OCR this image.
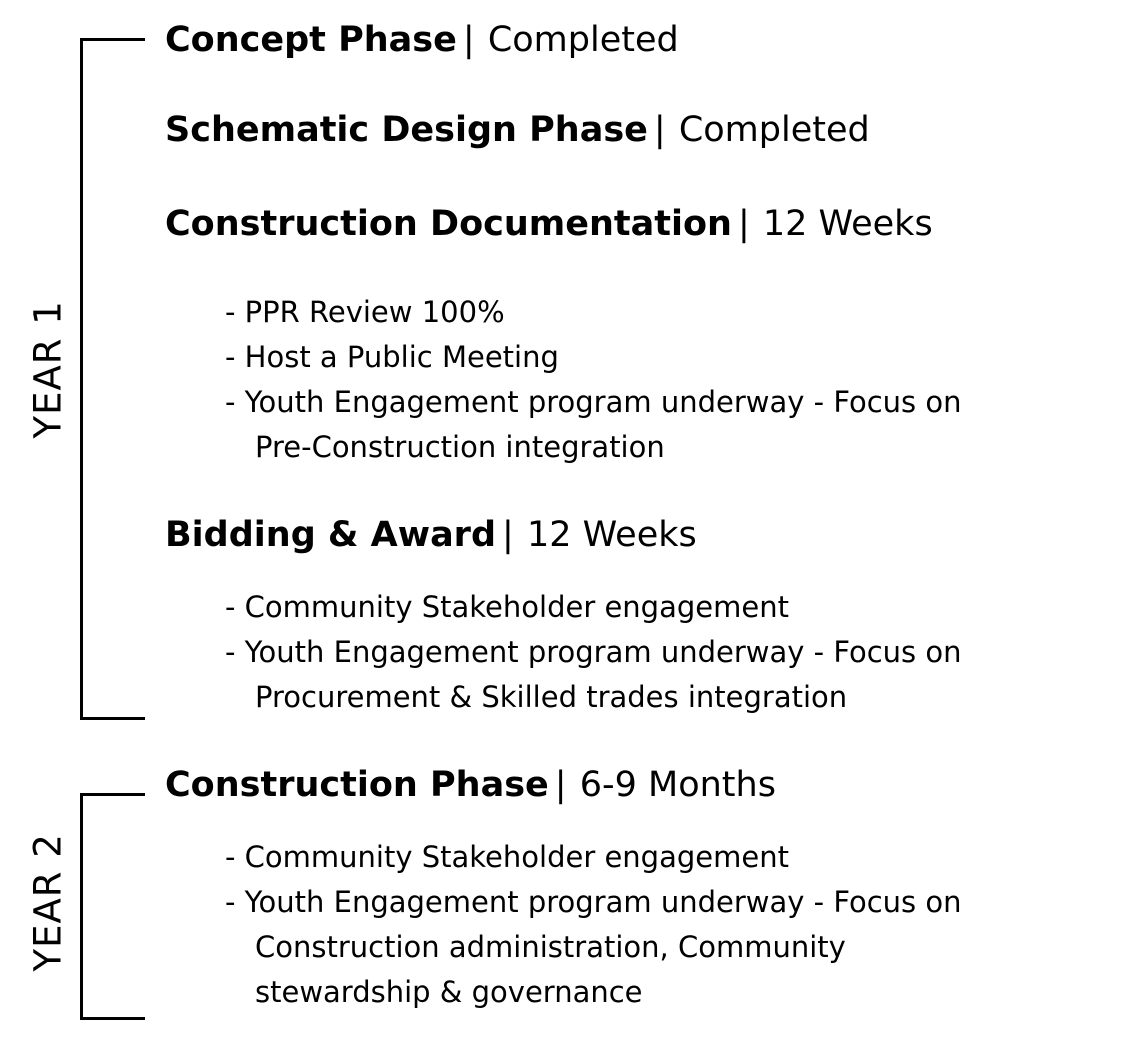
YEAR 1
YEAR 2
Concept Phase | Completed
Schematic Design Phase | Completed
Construction Documentation | 12 Weeks
- PPR Review 100%
- Host a Public Meeting
- Youth Engagement program underway - Focus on
Pre-Construction integration
Bidding & Award | 12 Weeks
- Community Stakeholder engagement
- Youth Engagement program underway - Focus on
Procurement & Skilled trades integration
Construction Phase | 6-9 Months
- Community Stakeholder engagement
- Youth Engagement program underway - Focus on
Construction administration, Community
stewardship & governance
